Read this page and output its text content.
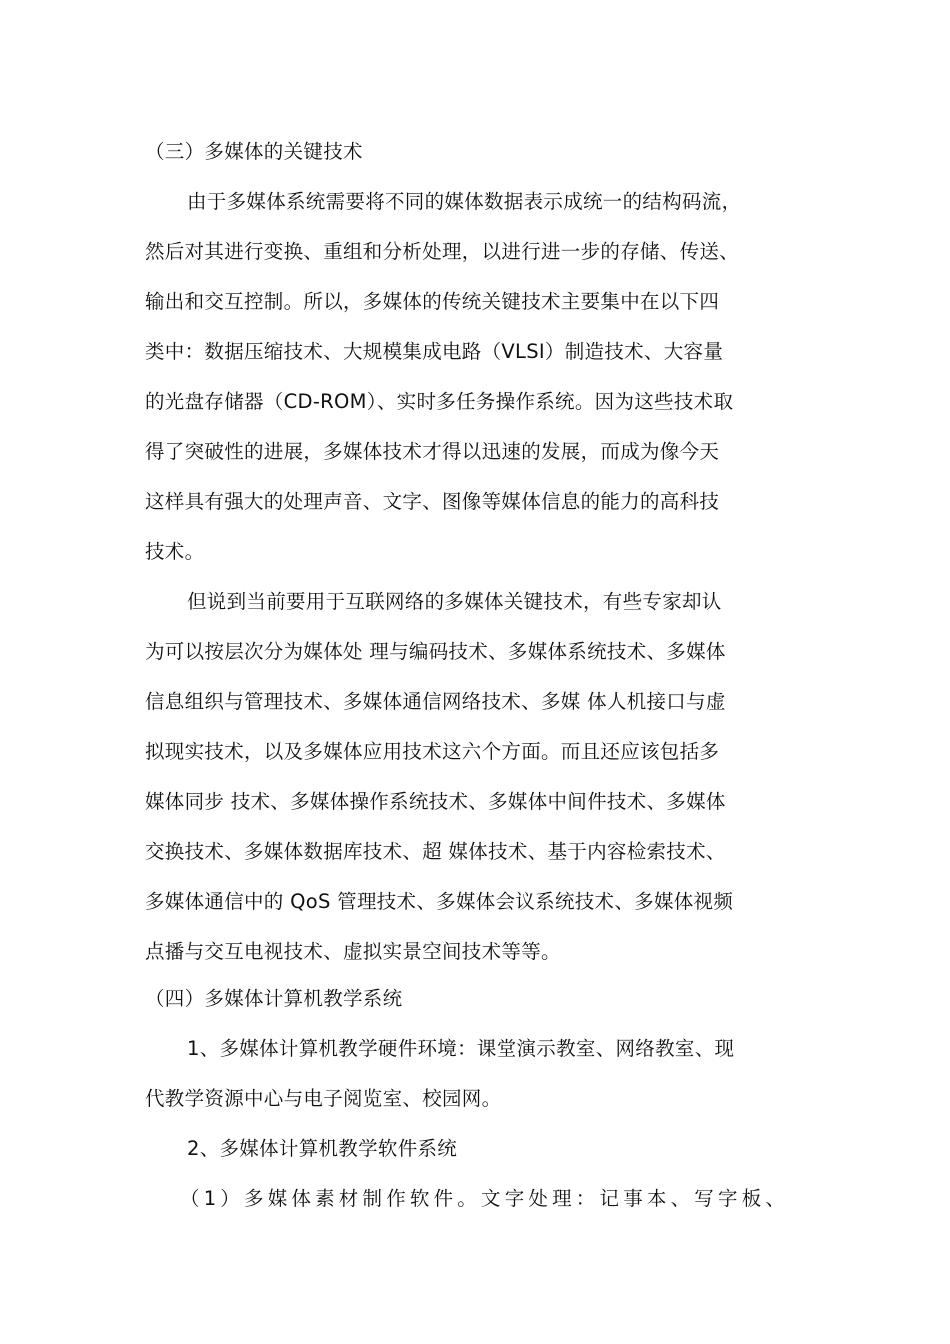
（三）多媒体的关键技术
由于多媒体系统需要将不同的媒体数据表示成统一的结构码流，
然后对其进行变换、重组和分析处理，以进行进一步的存储、传送、
输出和交互控制。所以，多媒体的传统关键技术主要集中在以下四
类中：数据压缩技术、大规模集成电路（VLSI）制造技术、大容量
的光盘存储器（CD-ROM）、实时多任务操作系统。因为这些技术取
得了突破性的进展，多媒体技术才得以迅速的发展，而成为像今天
这样具有强大的处理声音、文字、图像等媒体信息的能力的高科技
技术。
但说到当前要用于互联网络的多媒体关键技术，有些专家却认
为可以按层次分为媒体处 理与编码技术、多媒体系统技术、多媒体
信息组织与管理技术、多媒体通信网络技术、多媒 体人机接口与虚
拟现实技术，以及多媒体应用技术这六个方面。而且还应该包括多
媒体同步 技术、多媒体操作系统技术、多媒体中间件技术、多媒体
交换技术、多媒体数据库技术、超 媒体技术、基于内容检索技术、
多媒体通信中的 QoS 管理技术、多媒体会议系统技术、多媒体视频
点播与交互电视技术、虚拟实景空间技术等等。
（四）多媒体计算机教学系统
1、多媒体计算机教学硬件环境：课堂演示教室、网络教室、现
代教学资源中心与电子阅览室、校园网。
2、多媒体计算机教学软件系统
（1）多媒体素材制作软件。文字处理：记事本、写字板、
